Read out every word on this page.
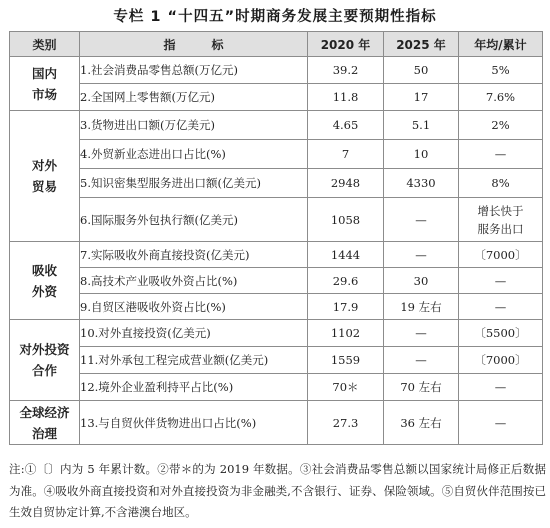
专栏 1 “十四五”时期商务发展主要预期性指标
类别	指　　　标	2020 年	2025 年	年均/累计

国内
市场	1.社会消费品零售总额(万亿元)	39.2	50	5%
	2.全国网上零售额(万亿元)	11.8	17	7.6%

对外
贸易	3.货物进出口额(万亿美元)	4.65	5.1	2%
	4.外贸新业态进出口占比(%)	7	10	—
	5.知识密集型服务进出口额(亿美元)	2948	4330	8%
	6.国际服务外包执行额(亿美元)	1058	—	增长快于
服务出口

吸收
外资	7.实际吸收外商直接投资(亿美元)	1444	—	〔7000〕
	8.高技术产业吸收外资占比(%)	29.6	30	—
	9.自贸区港吸收外资占比(%)	17.9	19 左右	—

对外投资
合作	10.对外直接投资(亿美元)	1102	—	〔5500〕
	11.对外承包工程完成营业额(亿美元)	1559	—	〔7000〕
	12.境外企业盈利持平占比(%)	70＊	70 左右	—

全球经济
治理	13.与自贸伙伴货物进出口占比(%)	27.3	36 左右	—
注:①〔〕内为 5 年累计数。②带＊的为 2019 年数据。③社会消费品零售总额以国家统计局修正后数据为准。④吸收外商直接投资和对外直接投资为非金融类,不含银行、证券、保险领域。⑤自贸伙伴范围按已生效自贸协定计算,不含港澳台地区。
